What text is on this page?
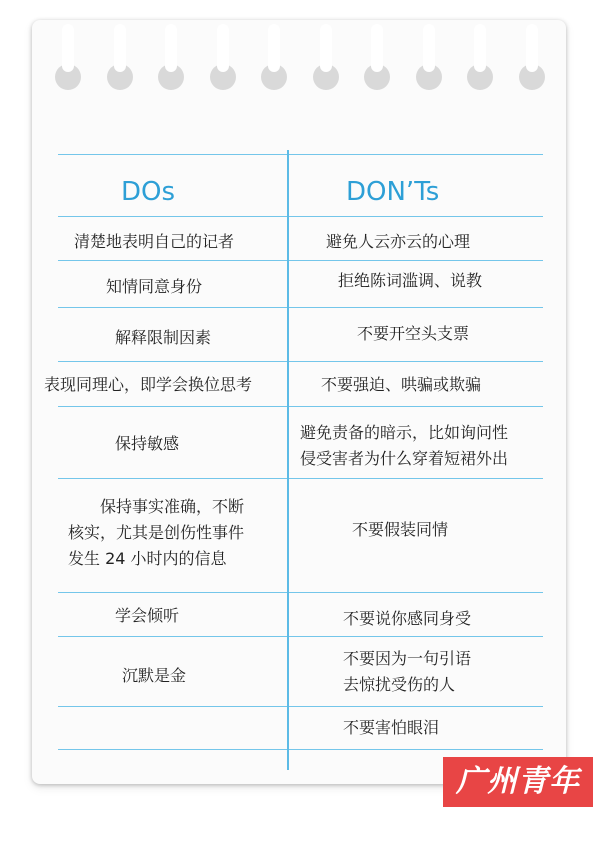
DOs	DON’Ts
清楚地表明自己的记者
知情同意身份
解释限制因素
表现同理心，即学会换位思考
保持敏感
保持事实准确，不断
核实，尤其是创伤性事件
发生 24 小时内的信息
学会倾听
沉默是金
避免人云亦云的心理
拒绝陈词滥调、说教
不要开空头支票
不要强迫、哄骗或欺骗
避免责备的暗示，比如询问性
侵受害者为什么穿着短裙外出
不要假装同情
不要说你感同身受
不要因为一句引语
去惊扰受伤的人
不要害怕眼泪
广州青年报
